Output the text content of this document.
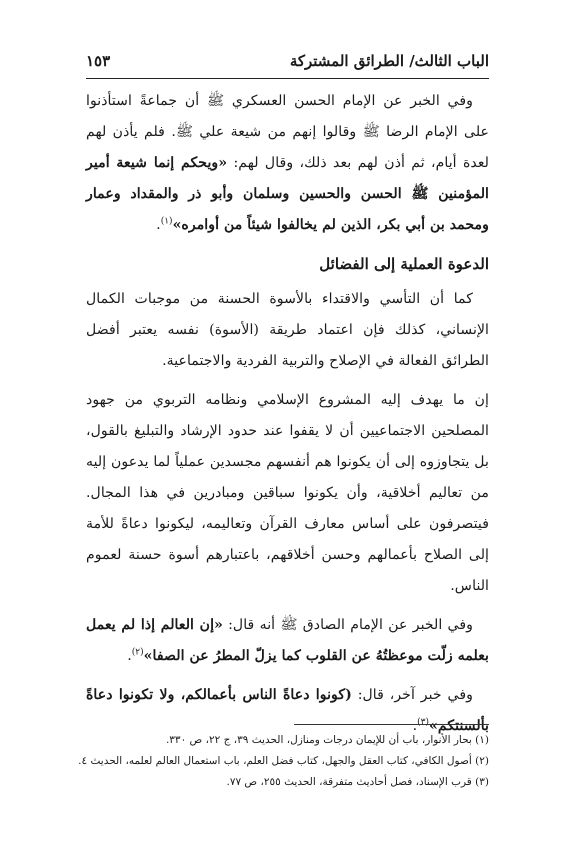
الباب الثالث/ الطرائق المشتركة
١٥٣

وفي الخبر عن الإمام الحسن العسكري ﷺ أن جماعةً استأذنوا على الإمام الرضا ﷺ وقالوا إنهم من شيعة علي ﷺ. فلم يأذن لهم لعدة أيام، ثم أذن لهم بعد ذلك، وقال لهم: «ويحكم إنما شيعة أمير المؤمنين ﷺ الحسن والحسين وسلمان وأبو ذر والمقداد وعمار ومحمد بن أبي بكر، الذين لم يخالفوا شيئاً من أوامره»$^{(١)}$.

الدعوة العملية إلى الفضائل

كما أن التأسي والاقتداء بالأسوة الحسنة من موجبات الكمال الإنساني، كذلك فإن اعتماد طريقة (الأسوة) نفسه يعتبر أفضل الطرائق الفعالة في الإصلاح والتربية الفردية والاجتماعية.

إن ما يهدف إليه المشروع الإسلامي ونظامه التربوي من جهود المصلحين الاجتماعيين أن لا يقفوا عند حدود الإرشاد والتبليغ بالقول، بل يتجاوزوه إلى أن يكونوا هم أنفسهم مجسدين عملياً لما يدعون إليه من تعاليم أخلاقية، وأن يكونوا سباقين ومبادرين في هذا المجال. فيتصرفون على أساس معارف القرآن وتعاليمه، ليكونوا دعاةً للأمة إلى الصلاح بأعمالهم وحسن أخلاقهم، باعتبارهم أسوة حسنة لعموم الناس.

وفي الخبر عن الإمام الصادق ﷺ أنه قال: «إن العالم إذا لم يعمل بعلمه زلّت موعظتُهُ عن القلوب كما يزلّ المطرُ عن الصفا»$^{(٢)}$.

وفي خبر آخر، قال: (كونوا دعاةً الناس بأعمالكم، ولا تكونوا دعاةً بألسنتكم»$^{(٣)}$.

(١) بحار الأنوار، باب أن للإيمان درجات ومنازل، الحديث ٣٩، ج ٢٢، ص ٣٣٠.

(٢) أصول الكافي، كتاب العقل والجهل، كتاب فضل العلم، باب استعمال العالم لعلمه، الحديث ٤.

(٣) قرب الإسناد، فصل أحاديث متفرقة، الحديث ٢٥٥، ص ٧٧.
